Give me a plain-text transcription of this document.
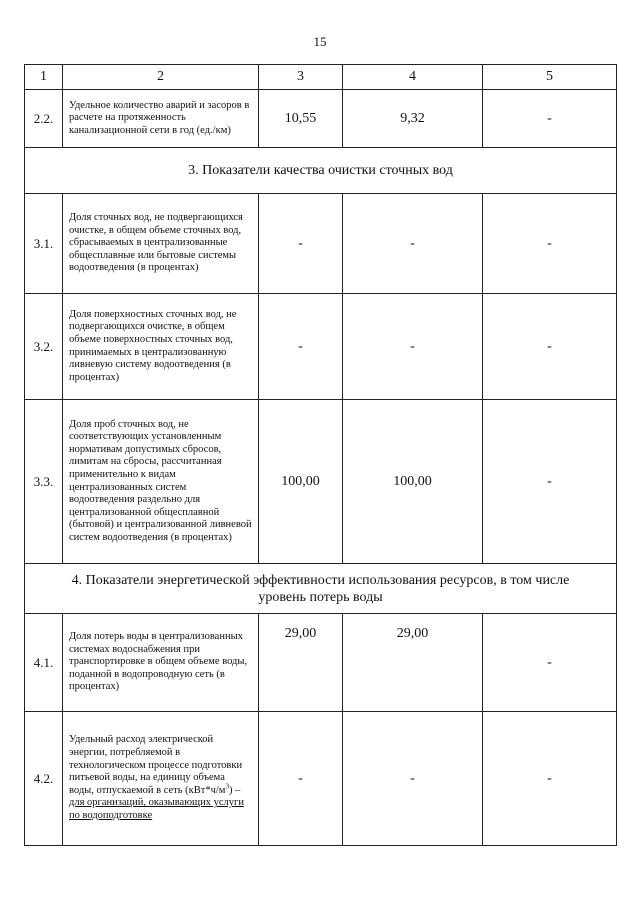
15
1	2	3	4	5
2.2.	Удельное количество аварий и засоров в расчете на протяженность канализационной сети в год (ед./км)	10,55	9,32	-
3. Показатели качества очистки сточных вод				
3.1.	Доля сточных вод, не подвергающихся очистке, в общем объеме сточных вод, сбрасываемых в централизованные общесплавные или бытовые системы водоотведения (в процентах)	-	-	-
3.2.	Доля поверхностных сточных вод, не подвергающихся очистке, в общем объеме поверхностных сточных вод, принимаемых в централизованную ливневую систему водоотведения (в процентах)	-	-	-
3.3.	Доля проб сточных вод, не соответствующих установленным нормативам допустимых сбросов, лимитам на сбросы, рассчитанная применительно к видам централизованных систем водоотведения раздельно для централизованной общесплавной (бытовой) и централизованной ливневой систем водоотведения (в процентах)	100,00	100,00	-
4. Показатели энергетической эффективности использования ресурсов, в том числе уровень потерь воды				
4.1.	Доля потерь воды в централизованных системах водоснабжения при транспортировке в общем объеме воды, поданной в водопроводную сеть (в процентах)	29,00	29,00	-
4.2.	Удельный расход электрической энергии, потребляемой в технологическом процессе подготовки питьевой воды, на единицу объема воды, отпускаемой в сеть $(кВт*ч/м^3)$ – для организаций, оказывающих услуги по водоподготовке	-	-	-
